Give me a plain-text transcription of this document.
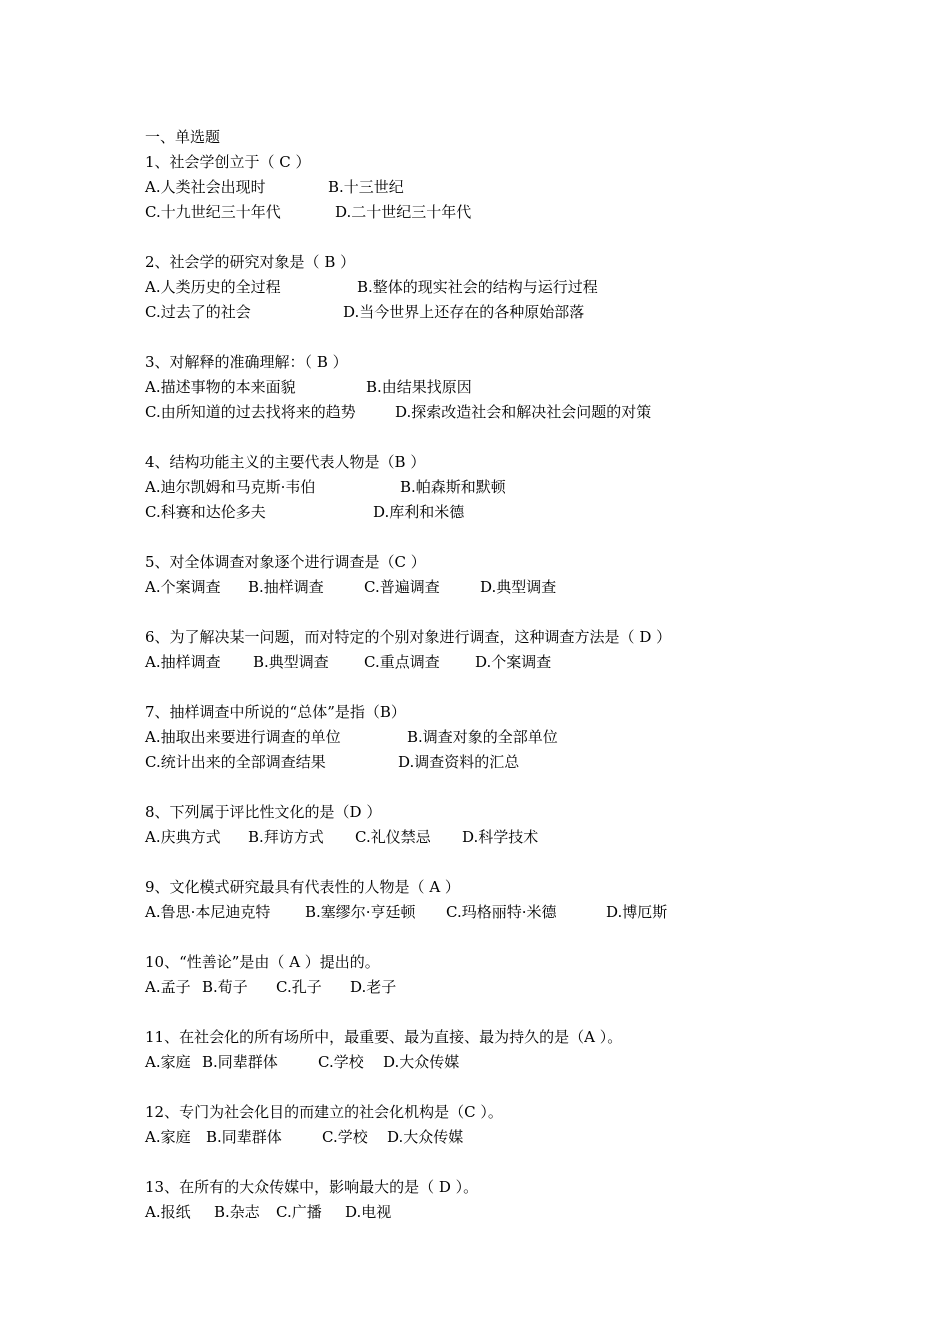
一、单选题
1、社会学创立于（ C ）
A.人类社会出现时	B.十三世纪
C.十九世纪三十年代	D.二十世纪三十年代
2、社会学的研究对象是（ B ）
A.人类历史的全过程	B.整体的现实社会的结构与运行过程
C.过去了的社会	D.当今世界上还存在的各种原始部落
3、对解释的准确理解：（ B ）
A.描述事物的本来面貌	B.由结果找原因
C.由所知道的过去找将来的趋势	D.探索改造社会和解决社会问题的对策
4、结构功能主义的主要代表人物是（B ）
A.迪尔凯姆和马克斯·韦伯	B.帕森斯和默顿
C.科赛和达伦多夫	D.库利和米德
5、对全体调查对象逐个进行调查是（C ）
A.个案调查 B.抽样调查	C.普遍调查	D.典型调查
6、为了解决某一问题，而对特定的个别对象进行调查，这种调查方法是（ D ）
A.抽样调查 B.典型调查 C.重点调查 D.个案调查
7、抽样调查中所说的“总体”是指（B）
A.抽取出来要进行调查的单位	B.调查对象的全部单位
C.统计出来的全部调查结果	D.调查资料的汇总
8、下列属于评比性文化的是（D ）
A.庆典方式 B.拜访方式 C.礼仪禁忌 D.科学技术
9、文化模式研究最具有代表性的人物是（ A ）
A.鲁思·本尼迪克特 B.塞缪尔·亨廷顿 C.玛格丽特·米德	D.博厄斯
10、“性善论”是由（ A ）提出的。
A.孟子 B.荀子 C.孔子 D.老子
11、在社会化的所有场所中，最重要、最为直接、最为持久的是（A ）。
A.家庭 B.同辈群体	C.学校 D.大众传媒
12、专门为社会化目的而建立的社会化机构是（C ）。
A.家庭 B.同辈群体	C.学校 D.大众传媒
13、在所有的大众传媒中，影响最大的是（ D ）。
A.报纸 B.杂志 C.广播 D.电视
